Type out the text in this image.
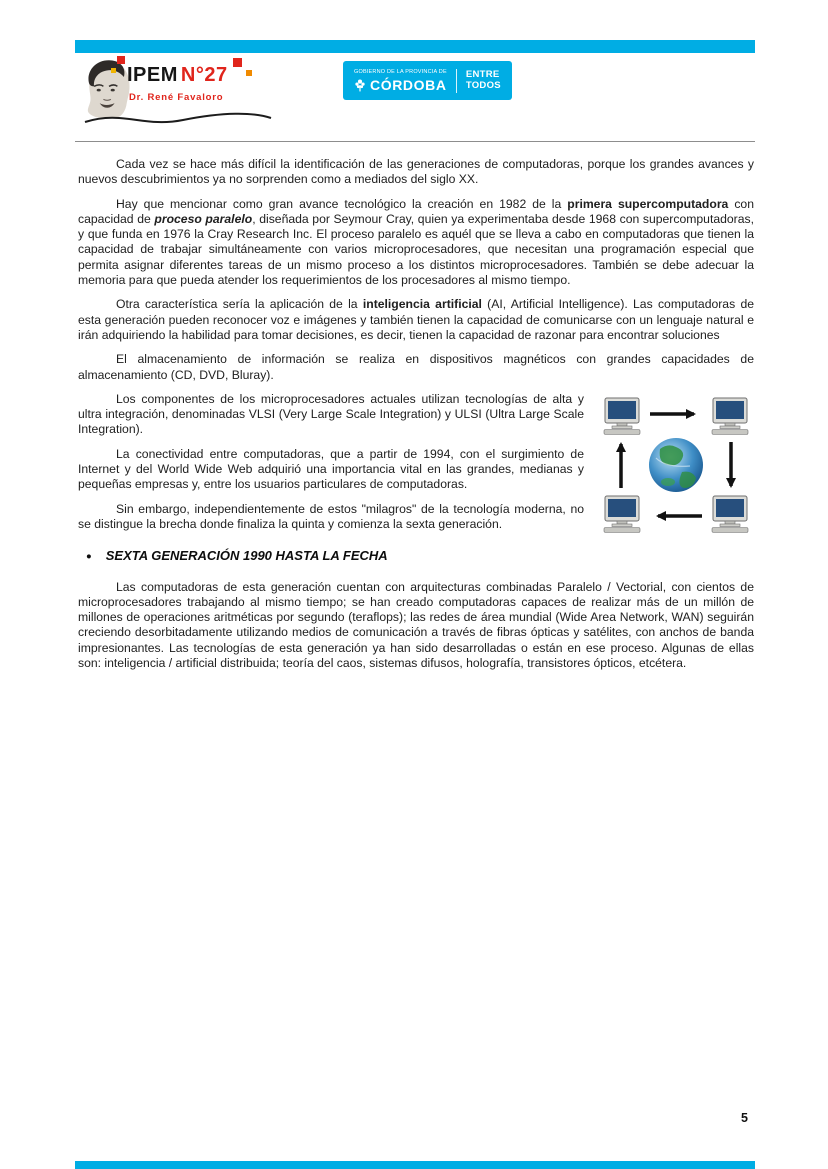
IPEM N°27
Dr. René Favaloro
GOBIERNO DE LA PROVINCIA DE
CÓRDOBA
ENTRE
TODOS

Cada vez se hace más difícil la identificación de las generaciones de computadoras, porque los grandes avances y nuevos descubrimientos ya no sorprenden como a mediados del siglo XX.

Hay que mencionar como gran avance tecnológico la creación en 1982 de la primera supercomputadora con capacidad de proceso paralelo, diseñada por Seymour Cray, quien ya experimentaba desde 1968 con supercomputadoras, y que funda en 1976 la Cray Research Inc. El proceso paralelo es aquél que se lleva a cabo en computadoras que tienen la capacidad de trabajar simultáneamente con varios microprocesadores, que necesitan una programación especial que permita asignar diferentes tareas de un mismo proceso a los distintos microprocesadores. También se debe adecuar la memoria para que pueda atender los requerimientos de los procesadores al mismo tiempo.

Otra característica sería la aplicación de la inteligencia artificial (AI, Artificial Intelligence). Las computadoras de esta generación pueden reconocer voz e imágenes y también tienen la capacidad de comunicarse con un lenguaje natural e irán adquiriendo la habilidad para tomar decisiones, es decir, tienen la capacidad de razonar para encontrar soluciones

El almacenamiento de información se realiza en dispositivos magnéticos con grandes capacidades de almacenamiento (CD, DVD, Bluray).

Los componentes de los microprocesadores actuales utilizan tecnologías de alta y ultra integración, denominadas VLSI (Very Large Scale Integration) y ULSI (Ultra Large Scale Integration).

La conectividad entre computadoras, que a partir de 1994, con el surgimiento de Internet y del World Wide Web adquirió una importancia vital en las grandes, medianas y pequeñas empresas y, entre los usuarios particulares de computadoras.

Sin embargo, independientemente de estos "milagros" de la tecnología moderna, no se distingue la brecha donde finaliza la quinta y comienza la sexta generación.

● SEXTA GENERACIÓN 1990 HASTA LA FECHA

Las computadoras de esta generación cuentan con arquitecturas combinadas Paralelo / Vectorial, con cientos de microprocesadores trabajando al mismo tiempo; se han creado computadoras capaces de realizar más de un millón de millones de operaciones aritméticas por segundo (teraflops); las redes de área mundial (Wide Area Network, WAN) seguirán creciendo desorbitadamente utilizando medios de comunicación a través de fibras ópticas y satélites, con anchos de banda impresionantes. Las tecnologías de esta generación ya han sido desarrolladas o están en ese proceso. Algunas de ellas son: inteligencia / artificial distribuida; teoría del caos, sistemas difusos, holografía, transistores ópticos, etcétera.

5
